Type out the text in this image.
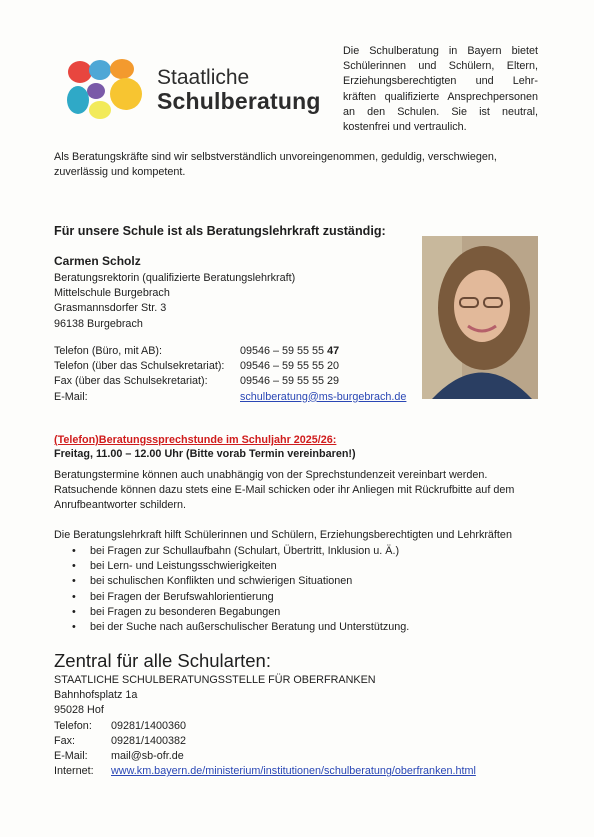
Staatliche
Schulberatung
Die Schulberatung in Bayern bietet
Schülerinnen und Schülern, Eltern,
Erziehungsberechtigten und Lehr-
kräften qualifizierte Ansprechpersonen
an den Schulen. Sie ist neutral,
kostenfrei und vertraulich.
Als Beratungskräfte sind wir selbstverständlich unvoreingenommen, geduldig, verschwiegen, zuverlässig und kompetent.
Für unsere Schule ist als Beratungslehrkraft zuständig:
Carmen Scholz
Beratungsrektorin (qualifizierte Beratungslehrkraft)
Mittelschule Burgebrach
Grasmannsdorfer Str. 3
96138 Burgebrach
Telefon (Büro, mit AB):	09546 – 59 55 55 47
Telefon (über das Schulsekretariat):	09546 – 59 55 55 20
Fax (über das Schulsekretariat):	09546 – 59 55 55 29
E-Mail:	schulberatung@ms-burgebrach.de
(Telefon)Beratungssprechstunde im Schuljahr 2025/26:
Freitag, 11.00 – 12.00 Uhr (Bitte vorab Termin vereinbaren!)
Beratungstermine können auch unabhängig von der Sprechstundenzeit vereinbart werden. Ratsuchende können dazu stets eine E-Mail schicken oder ihr Anliegen mit Rückrufbitte auf dem Anrufbeantworter schildern.
Die Beratungslehrkraft hilft Schülerinnen und Schülern, Erziehungsberechtigten und Lehrkräften
• bei Fragen zur Schullaufbahn (Schulart, Übertritt, Inklusion u. Ä.)
• bei Lern- und Leistungsschwierigkeiten
• bei schulischen Konflikten und schwierigen Situationen
• bei Fragen der Berufswahlorientierung
• bei Fragen zu besonderen Begabungen
• bei der Suche nach außerschulischer Beratung und Unterstützung.
Zentral für alle Schularten:
STAATLICHE SCHULBERATUNGSSTELLE FÜR OBERFRANKEN
Bahnhofsplatz 1a
95028 Hof
Telefon:	09281/1400360
Fax:	09281/1400382
E-Mail:	mail@sb-ofr.de
Internet:	www.km.bayern.de/ministerium/institutionen/schulberatung/oberfranken.html
